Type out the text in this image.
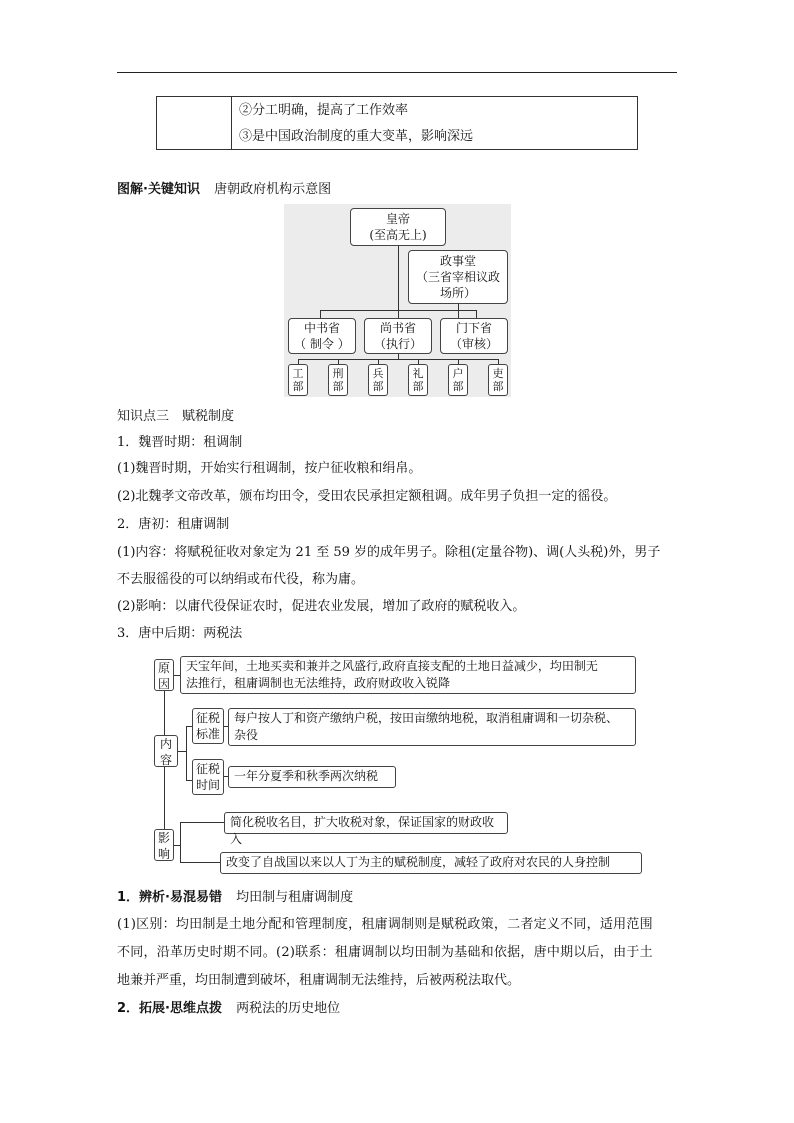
②分工明确，提高了工作效率
③是中国政治制度的重大变革，影响深远
图解·关键知识 唐朝政府机构示意图
皇帝
(至高无上)
政事堂
（三省宰相议政
场所）
中书省
（ 制令 ）
尚书省
（执行）
门下省
（审核）
工
部
刑
部
兵
部
礼
部
户
部
吏
部
知识点三　赋税制度
1．魏晋时期：租调制
(1)魏晋时期，开始实行租调制，按户征收粮和绢帛。
(2)北魏孝文帝改革，颁布均田令，受田农民承担定额租调。成年男子负担一定的徭役。
2．唐初：租庸调制
(1)内容：将赋税征收对象定为 21 至 59 岁的成年男子。除租(定量谷物)、调(人头税)外，男子
不去服徭役的可以纳绢或布代役，称为庸。
(2)影响：以庸代役保证农时，促进农业发展，增加了政府的赋税收入。
3．唐中后期：两税法
原
因
天宝年间，土地买卖和兼并之风盛行,政府直接支配的土地日益减少，均田制无
法推行，租庸调制也无法维持，政府财政收入锐降
内
容
征税
标准
每户按人丁和资产缴纳户税，按田亩缴纳地税，取消租庸调和一切杂税、
杂役
征税
时间
一年分夏季和秋季两次纳税
影
响
简化税收名目，扩大收税对象，保证国家的财政收入
改变了自战国以来以人丁为主的赋税制度，减轻了政府对农民的人身控制
1．辨析·易混易错 均田制与租庸调制度
(1)区别：均田制是土地分配和管理制度，租庸调制则是赋税政策，二者定义不同，适用范围
不同，沿革历史时期不同。(2)联系：租庸调制以均田制为基础和依据，唐中期以后，由于土
地兼并严重，均田制遭到破坏，租庸调制无法维持，后被两税法取代。
2．拓展·思维点拨 两税法的历史地位
